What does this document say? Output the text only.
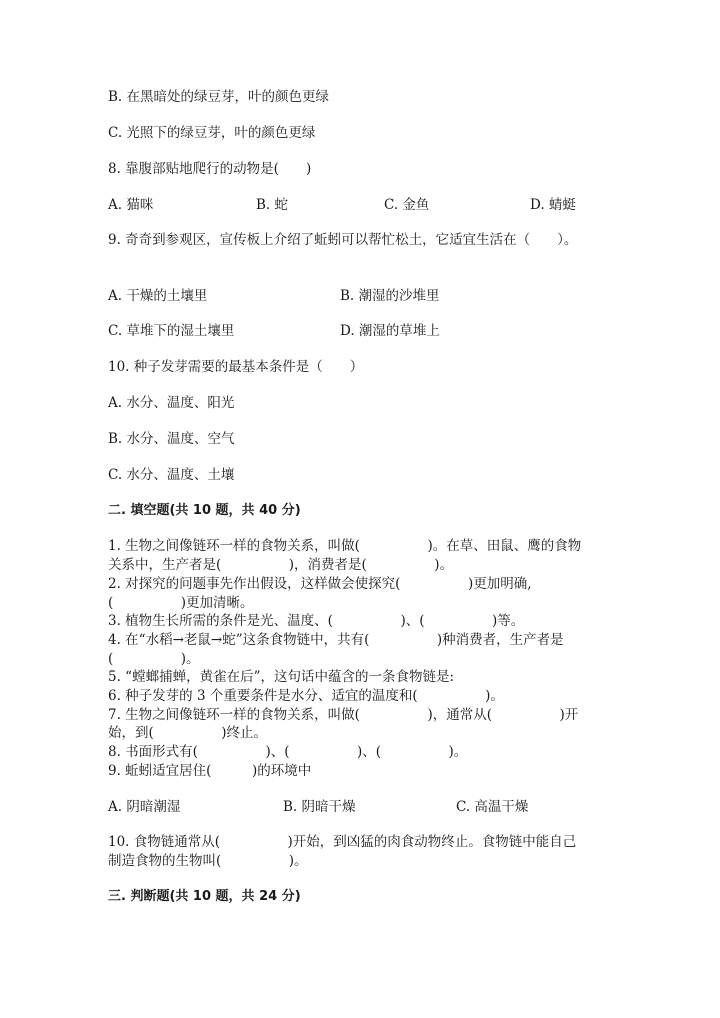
B. 在黑暗处的绿豆芽，叶的颜色更绿
C. 光照下的绿豆芽，叶的颜色更绿
8. 靠腹部贴地爬行的动物是(　　)
A. 猫咪	B. 蛇	C. 金鱼	D. 蜻蜓
9. 奇奇到参观区，宣传板上介绍了蚯蚓可以帮忙松土，它适宜生活在（　　）。
A. 干燥的土壤里	B. 潮湿的沙堆里
C. 草堆下的湿土壤里	D. 潮湿的草堆上
10. 种子发芽需要的最基本条件是（　　）
A. 水分、温度、阳光
B. 水分、温度、空气
C. 水分、温度、土壤
二. 填空题(共 10 题，共 40 分)
1. 生物之间像链环一样的食物关系，叫做(　　　　　)。在草、田鼠、鹰的食物
关系中，生产者是(　　　　　)，消费者是(　　　　　)。
2. 对探究的问题事先作出假设，这样做会使探究(　　　　　)更加明确,
(　　　　　)更加清晰。
3. 植物生长所需的条件是光、温度、(　　　　　)、(　　　　　)等。
4. 在“水稻→老鼠→蛇”这条食物链中，共有(　　　　　)种消费者，生产者是
(　　　　　)。
5. “螳螂捕蝉，黄雀在后”，这句话中蕴含的一条食物链是:
6. 种子发芽的 3 个重要条件是水分、适宜的温度和(　　　　　)。
7. 生物之间像链环一样的食物关系，叫做(　　　　　)，通常从(　　　　　)开
始，到(　　　　　)终止。
8. 书面形式有(　　　　　)、(　　　　　)、(　　　　　)。
9. 蚯蚓适宜居住(　　　)的环境中
A. 阴暗潮湿	B. 阴暗干燥	C. 高温干燥
10. 食物链通常从(　　　　　)开始，到凶猛的肉食动物终止。食物链中能自己
制造食物的生物叫(　　　　　)。
三. 判断题(共 10 题，共 24 分)
